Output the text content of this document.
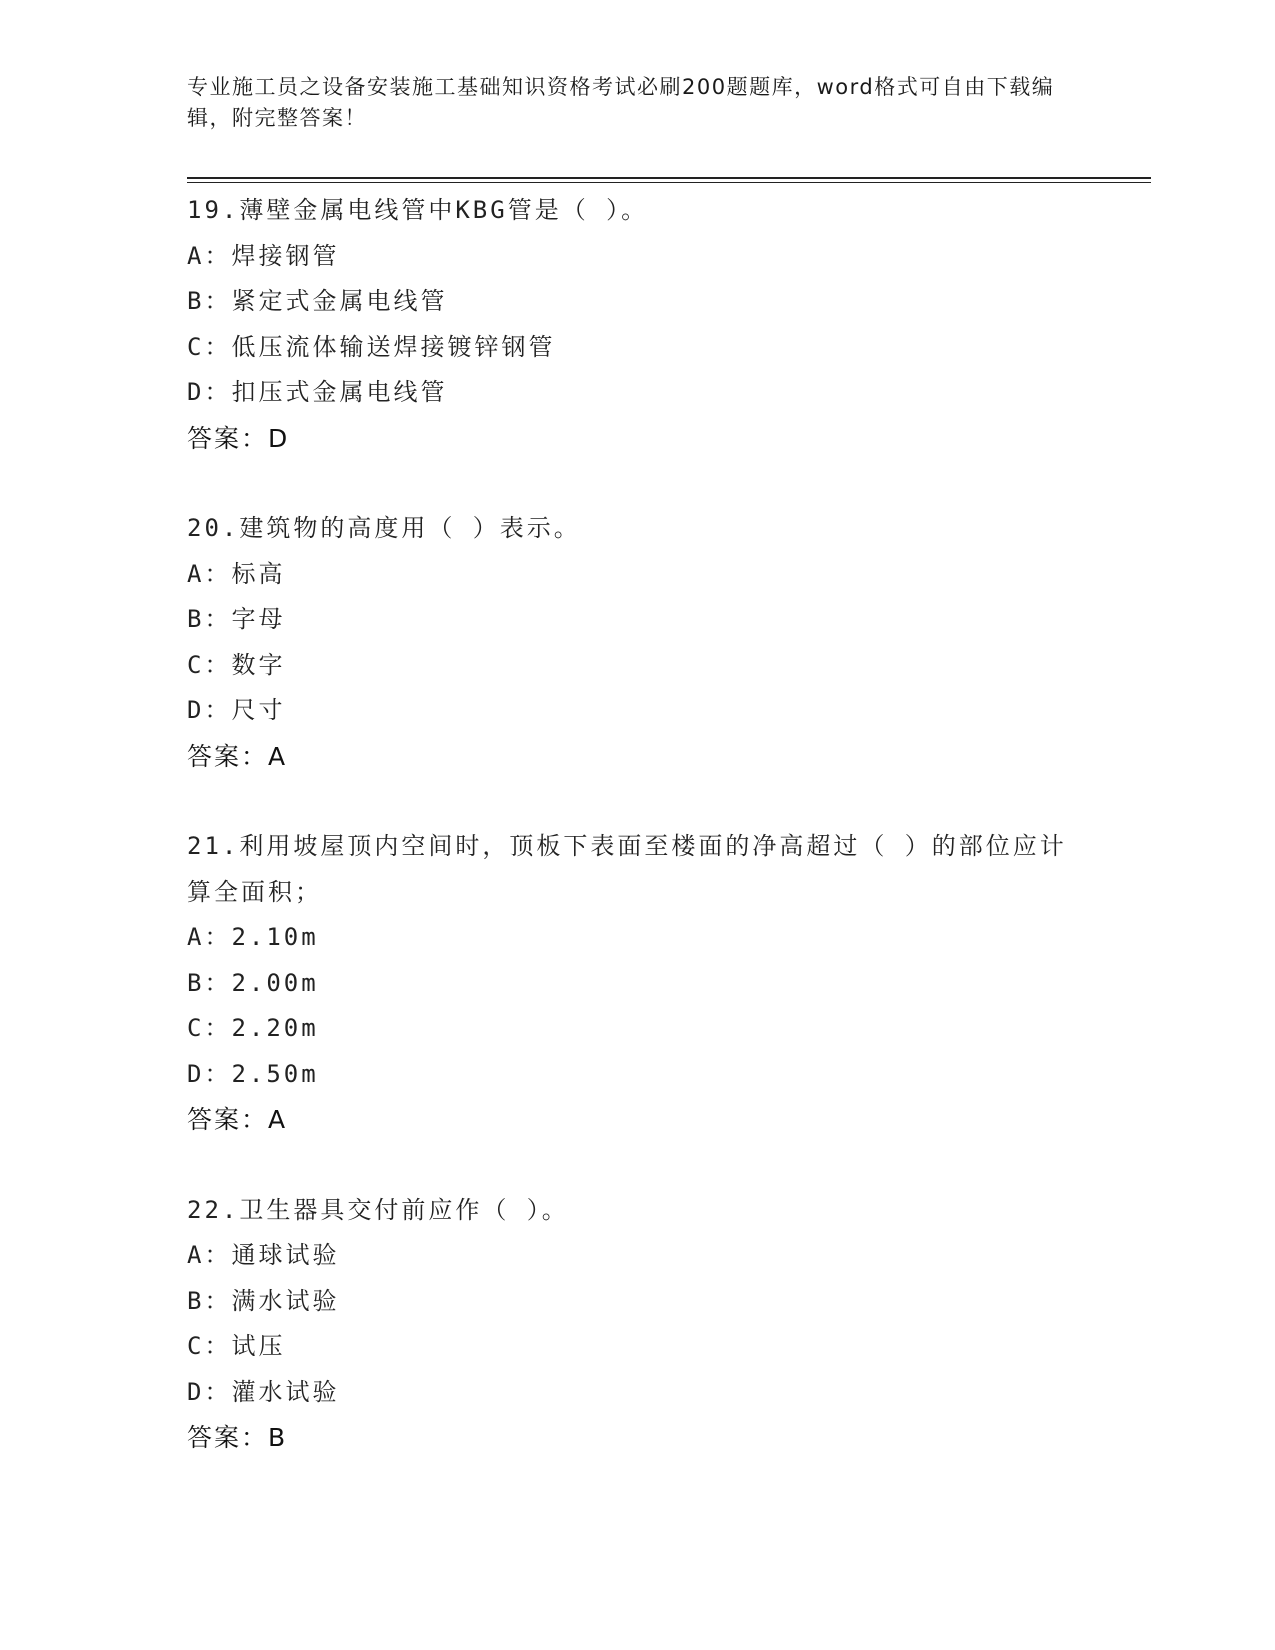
专业施工员之设备安装施工基础知识资格考试必刷200题题库，word格式可自由下载编辑，附完整答案！

19.薄壁金属电线管中KBG管是（ ）。

A：焊接钢管

B：紧定式金属电线管

C：低压流体输送焊接镀锌钢管

D：扣压式金属电线管

答案：D

20.建筑物的高度用（ ）表示。

A：标高

B：字母

C：数字

D：尺寸

答案：A

21.利用坡屋顶内空间时，顶板下表面至楼面的净高超过（ ）的部位应计算全面积；

A：2.10m

B：2.00m

C：2.20m

D：2.50m

答案：A

22.卫生器具交付前应作（ ）。

A：通球试验

B：满水试验

C：试压

D：灌水试验

答案：B
